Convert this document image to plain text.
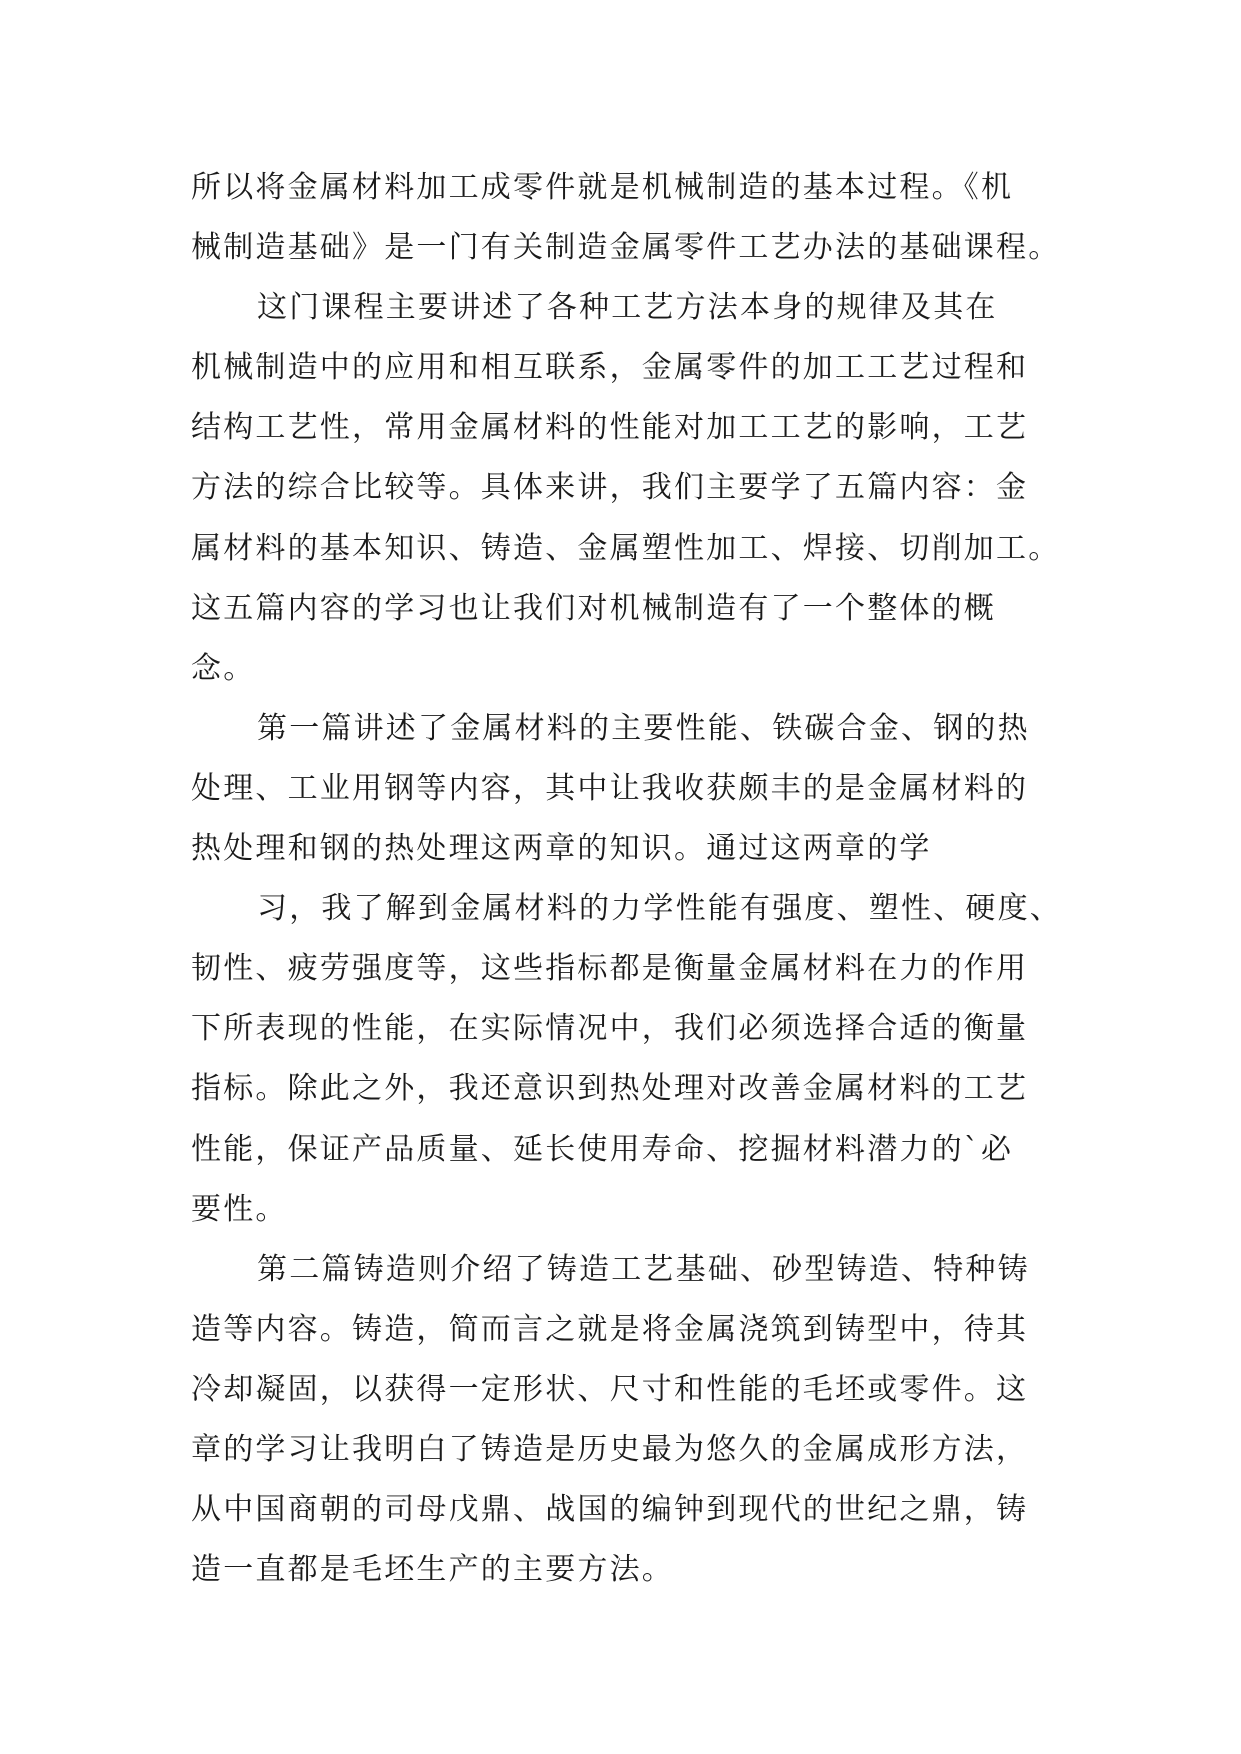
所以将金属材料加工成零件就是机械制造的基本过程。《机
械制造基础》是一门有关制造金属零件工艺办法的基础课程。
这门课程主要讲述了各种工艺方法本身的规律及其在
机械制造中的应用和相互联系，金属零件的加工工艺过程和
结构工艺性，常用金属材料的性能对加工工艺的影响，工艺
方法的综合比较等。具体来讲，我们主要学了五篇内容：金
属材料的基本知识、铸造、金属塑性加工、焊接、切削加工。
这五篇内容的学习也让我们对机械制造有了一个整体的概
念。
第一篇讲述了金属材料的主要性能、铁碳合金、钢的热
处理、工业用钢等内容，其中让我收获颇丰的是金属材料的
热处理和钢的热处理这两章的知识。通过这两章的学
习，我了解到金属材料的力学性能有强度、塑性、硬度、
韧性、疲劳强度等，这些指标都是衡量金属材料在力的作用
下所表现的性能，在实际情况中，我们必须选择合适的衡量
指标。除此之外，我还意识到热处理对改善金属材料的工艺
性能，保证产品质量、延长使用寿命、挖掘材料潜力的`必
要性。
第二篇铸造则介绍了铸造工艺基础、砂型铸造、特种铸
造等内容。铸造，简而言之就是将金属浇筑到铸型中，待其
冷却凝固，以获得一定形状、尺寸和性能的毛坯或零件。这
章的学习让我明白了铸造是历史最为悠久的金属成形方法，
从中国商朝的司母戊鼎、战国的编钟到现代的世纪之鼎，铸
造一直都是毛坯生产的主要方法。
